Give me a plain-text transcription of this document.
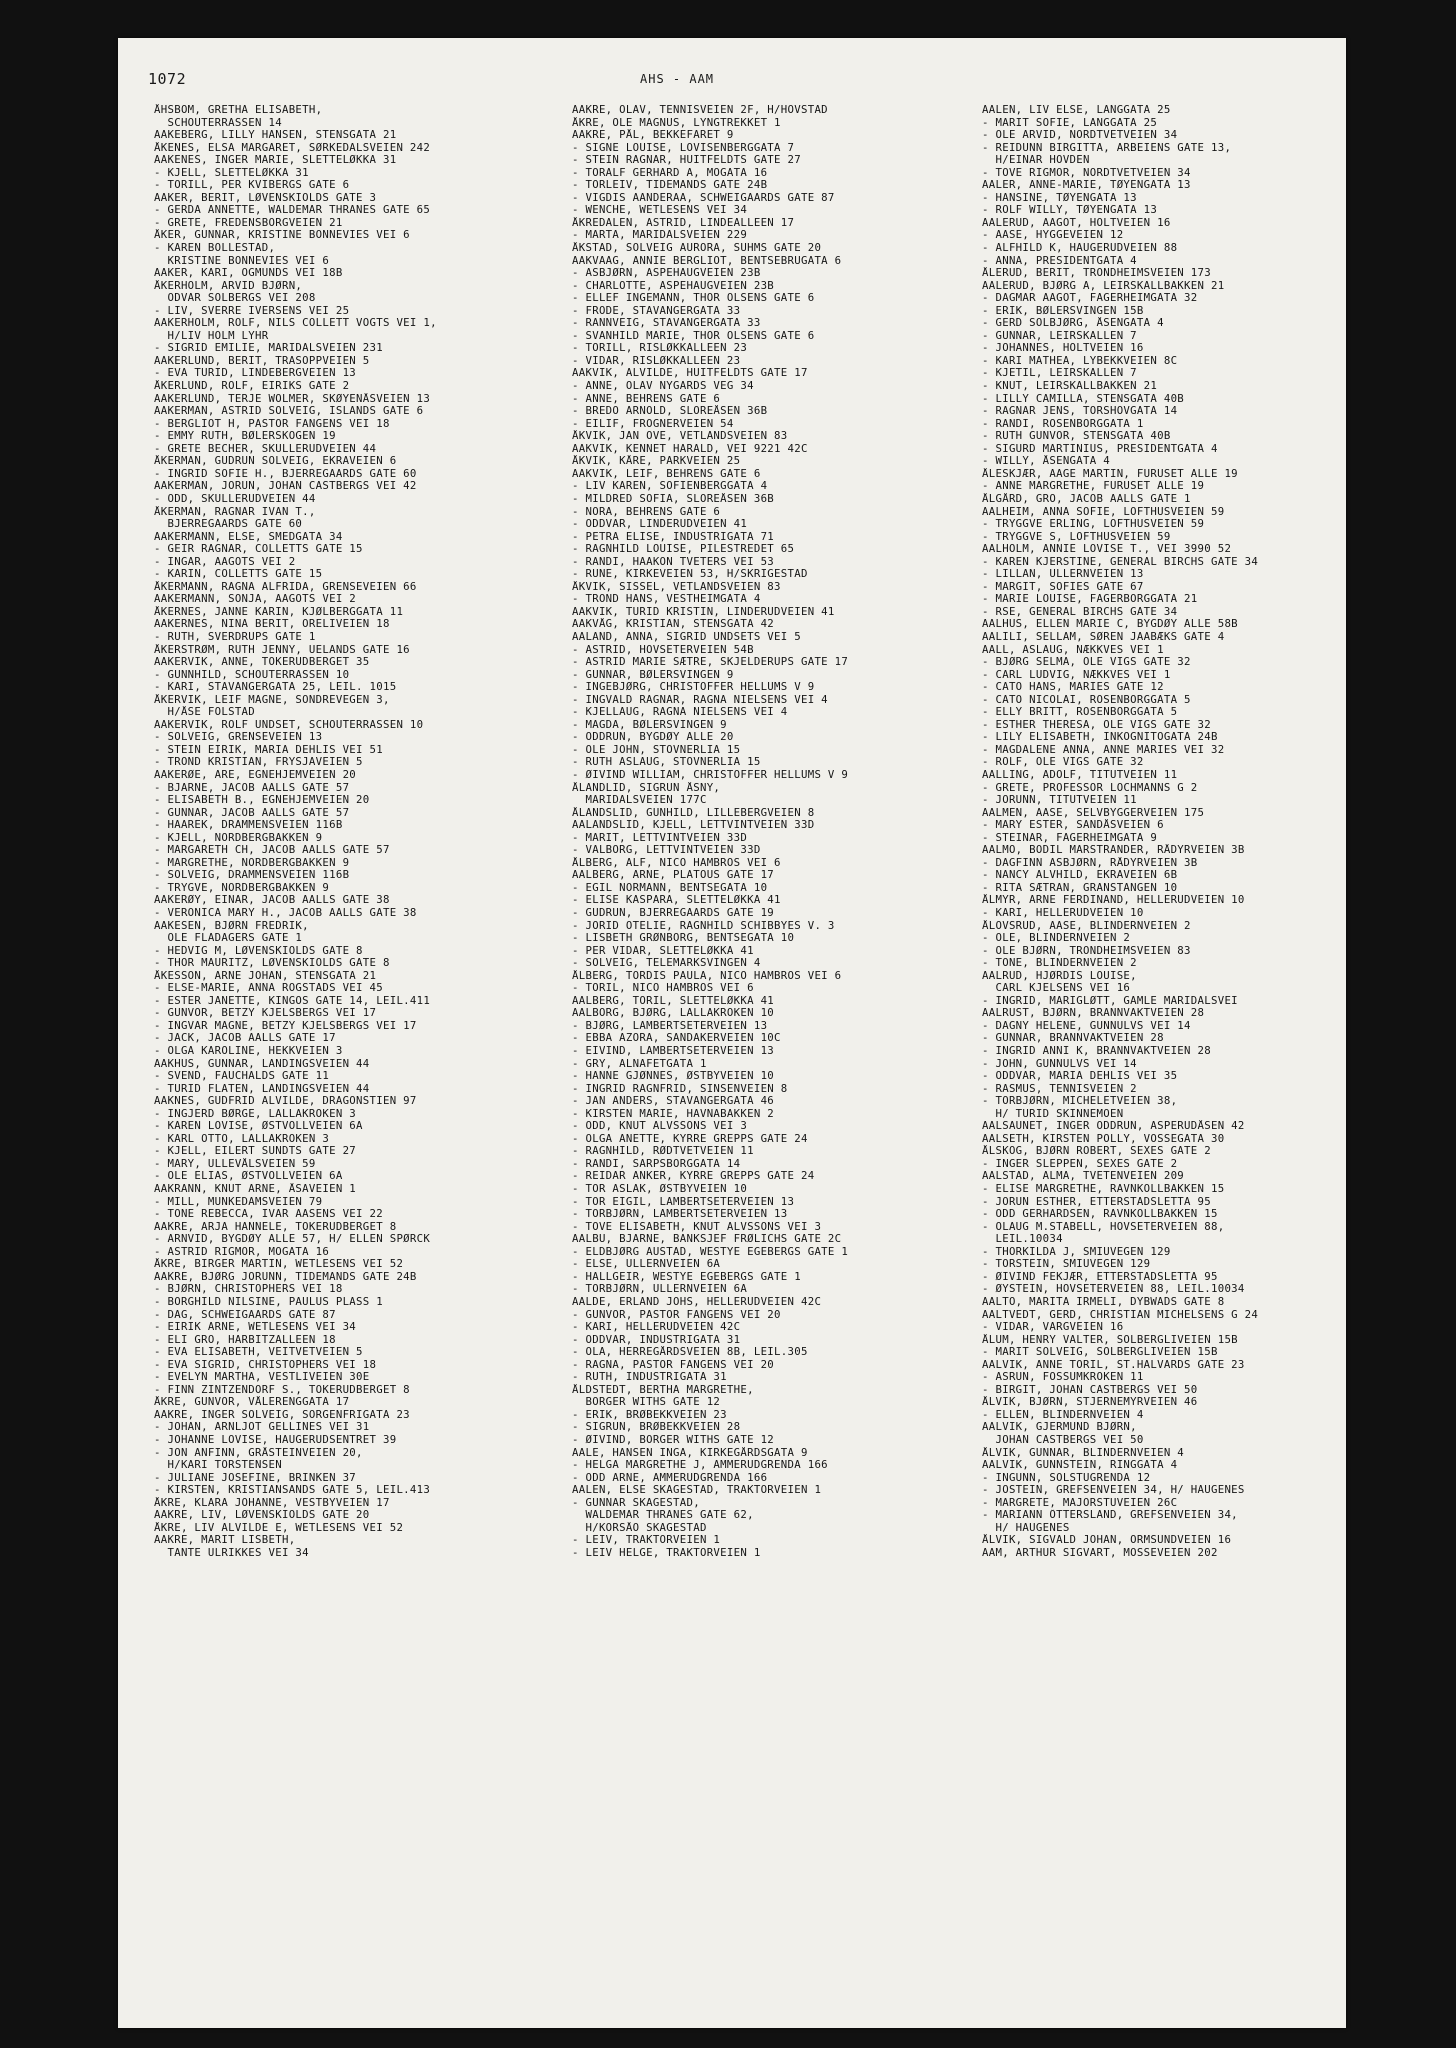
1072	AHS - AAM
ÅHSBOM, GRETHA ELISABETH,
SCHOUTERRASSEN 14
AAKEBERG, LILLY HANSEN, STENSGATA 21
ÅKENES, ELSA MARGARET, SØRKEDALSVEIEN 242
AAKENES, INGER MARIE, SLETTELØKKA 31
- KJELL, SLETTELØKKA 31
- TORILL, PER KVIBERGS GATE 6
AAKER, BERIT, LØVENSKIOLDS GATE 3
- GERDA ANNETTE, WALDEMAR THRANES GATE 65
- GRETE, FREDENSBORGVEIEN 21
ÅKER, GUNNAR, KRISTINE BONNEVIES VEI 6
- KAREN BOLLESTAD,
KRISTINE BONNEVIES VEI 6
AAKER, KARI, OGMUNDS VEI 18B
ÅKERHOLM, ARVID BJØRN,
ODVAR SOLBERGS VEI 208
- LIV, SVERRE IVERSENS VEI 25
AAKERHOLM, ROLF, NILS COLLETT VOGTS VEI 1,
H/LIV HOLM LYHR
- SIGRID EMILIE, MARIDALSVEIEN 231
AAKERLUND, BERIT, TRASOPPVEIEN 5
- EVA TURID, LINDEBERGVEIEN 13
ÅKERLUND, ROLF, EIRIKS GATE 2
AAKERLUND, TERJE WOLMER, SKØYENÅSVEIEN 13
AAKERMAN, ASTRID SOLVEIG, ISLANDS GATE 6
- BERGLIOT H, PASTOR FANGENS VEI 18
- EMMY RUTH, BØLERSKOGEN 19
- GRETE BECHER, SKULLERUDVEIEN 44
ÅKERMAN, GUDRUN SOLVEIG, EKRAVEIEN 6
- INGRID SOFIE H., BJERREGAARDS GATE 60
AAKERMAN, JORUN, JOHAN CASTBERGS VEI 42
- ODD, SKULLERUDVEIEN 44
ÅKERMAN, RAGNAR IVAN T.,
BJERREGAARDS GATE 60
AAKERMANN, ELSE, SMEDGATA 34
- GEIR RAGNAR, COLLETTS GATE 15
- INGAR, AAGOTS VEI 2
- KARIN, COLLETTS GATE 15
ÅKERMANN, RAGNA ALFRIDA, GRENSEVEIEN 66
AAKERMANN, SONJA, AAGOTS VEI 2
ÅKERNES, JANNE KARIN, KJØLBERGGATA 11
AAKERNES, NINA BERIT, ORELIVEIEN 18
- RUTH, SVERDRUPS GATE 1
ÅKERSTRØM, RUTH JENNY, UELANDS GATE 16
AAKERVIK, ANNE, TOKERUDBERGET 35
- GUNNHILD, SCHOUTERRASSEN 10
- KARI, STAVANGERGATA 25, LEIL. 1015
ÅKERVIK, LEIF MAGNE, SONDREVEGEN 3,
H/ÅSE FOLSTAD
AAKERVIK, ROLF UNDSET, SCHOUTERRASSEN 10
- SOLVEIG, GRENSEVEIEN 13
- STEIN EIRIK, MARIA DEHLIS VEI 51
- TROND KRISTIAN, FRYSJAVEIEN 5
AAKERØE, ARE, EGNEHJEMVEIEN 20
- BJARNE, JACOB AALLS GATE 57
- ELISABETH B., EGNEHJEMVEIEN 20
- GUNNAR, JACOB AALLS GATE 57
- HAAREK, DRAMMENSVEIEN 116B
- KJELL, NORDBERGBAKKEN 9
- MARGARETH CH, JACOB AALLS GATE 57
- MARGRETHE, NORDBERGBAKKEN 9
- SOLVEIG, DRAMMENSVEIEN 116B
- TRYGVE, NORDBERGBAKKEN 9
AAKERØY, EINAR, JACOB AALLS GATE 38
- VERONICA MARY H., JACOB AALLS GATE 38
AAKESEN, BJØRN FREDRIK,
OLE FLADAGERS GATE 1
- HEDVIG M, LØVENSKIOLDS GATE 8
- THOR MAURITZ, LØVENSKIOLDS GATE 8
ÅKESSON, ARNE JOHAN, STENSGATA 21
- ELSE-MARIE, ANNA ROGSTADS VEI 45
- ESTER JANETTE, KINGOS GATE 14, LEIL.411
- GUNVOR, BETZY KJELSBERGS VEI 17
- INGVAR MAGNE, BETZY KJELSBERGS VEI 17
- JACK, JACOB AALLS GATE 17
- OLGA KAROLINE, HEKKVEIEN 3
AAKHUS, GUNNAR, LANDINGSVEIEN 44
- SVEND, FAUCHALDS GATE 11
- TURID FLATEN, LANDINGSVEIEN 44
AAKNES, GUDFRID ALVILDE, DRAGONSTIEN 97
- INGJERD BØRGE, LALLAKROKEN 3
- KAREN LOVISE, ØSTVOLLVEIEN 6A
- KARL OTTO, LALLAKROKEN 3
- KJELL, EILERT SUNDTS GATE 27
- MARY, ULLEVÅLSVEIEN 59
- OLE ELIAS, ØSTVOLLVEIEN 6A
AAKRANN, KNUT ARNE, ÅSAVEIEN 1
- MILL, MUNKEDAMSVEIEN 79
- TONE REBECCA, IVAR AASENS VEI 22
AAKRE, ARJA HANNELE, TOKERUDBERGET 8
- ARNVID, BYGDØY ALLE 57, H/ ELLEN SPØRCK
- ASTRID RIGMOR, MOGATA 16
ÅKRE, BIRGER MARTIN, WETLESENS VEI 52
AAKRE, BJØRG JORUNN, TIDEMANDS GATE 24B
- BJØRN, CHRISTOPHERS VEI 18
- BORGHILD NILSINE, PAULUS PLASS 1
- DAG, SCHWEIGAARDS GATE 87
- EIRIK ARNE, WETLESENS VEI 34
- ELI GRO, HARBITZALLEEN 18
- EVA ELISABETH, VEITVETVEIEN 5
- EVA SIGRID, CHRISTOPHERS VEI 18
- EVELYN MARTHA, VESTLIVEIEN 30E
- FINN ZINTZENDORF S., TOKERUDBERGET 8
ÅKRE, GUNVOR, VÅLERENGGATA 17
AAKRE, INGER SOLVEIG, SORGENFRIGATA 23
- JOHAN, ARNLJOT GELLINES VEI 31
- JOHANNE LOVISE, HAUGERUDSENTRET 39
- JON ANFINN, GRÅSTEINVEIEN 20,
H/KARI TORSTENSEN
- JULIANE JOSEFINE, BRINKEN 37
- KIRSTEN, KRISTIANSANDS GATE 5, LEIL.413
ÅKRE, KLARA JOHANNE, VESTBYVEIEN 17
AAKRE, LIV, LØVENSKIOLDS GATE 20
ÅKRE, LIV ALVILDE E, WETLESENS VEI 52
AAKRE, MARIT LISBETH,
TANTE ULRIKKES VEI 34
AAKRE, OLAV, TENNISVEIEN 2F, H/HOVSTAD
ÅKRE, OLE MAGNUS, LYNGTREKKET 1
AAKRE, PÅL, BEKKEFARET 9
- SIGNE LOUISE, LOVISENBERGGATA 7
- STEIN RAGNAR, HUITFELDTS GATE 27
- TORALF GERHARD A, MOGATA 16
- TORLEIV, TIDEMANDS GATE 24B
- VIGDIS AANDERAA, SCHWEIGAARDS GATE 87
- WENCHE, WETLESENS VEI 34
ÅKREDALEN, ASTRID, LINDEALLEEN 17
- MARTA, MARIDALSVEIEN 229
ÅKSTAD, SOLVEIG AURORA, SUHMS GATE 20
AAKVAAG, ANNIE BERGLIOT, BENTSEBRUGATA 6
- ASBJØRN, ASPEHAUGVEIEN 23B
- CHARLOTTE, ASPEHAUGVEIEN 23B
- ELLEF INGEMANN, THOR OLSENS GATE 6
- FRODE, STAVANGERGATA 33
- RANNVEIG, STAVANGERGATA 33
- SVANHILD MARIE, THOR OLSENS GATE 6
- TORILL, RISLØKKALLEEN 23
- VIDAR, RISLØKKALLEEN 23
AAKVIK, ALVILDE, HUITFELDTS GATE 17
- ANNE, OLAV NYGARDS VEG 34
- ANNE, BEHRENS GATE 6
- BREDO ARNOLD, SLOREÅSEN 36B
- EILIF, FROGNERVEIEN 54
ÅKVIK, JAN OVE, VETLANDSVEIEN 83
AAKVIK, KENNET HARALD, VEI 9221 42C
ÅKVIK, KÅRE, PARKVEIEN 25
AAKVIK, LEIF, BEHRENS GATE 6
- LIV KAREN, SOFIENBERGGATA 4
- MILDRED SOFIA, SLOREÅSEN 36B
- NORA, BEHRENS GATE 6
- ODDVAR, LINDERUDVEIEN 41
- PETRA ELISE, INDUSTRIGATA 71
- RAGNHILD LOUISE, PILESTREDET 65
- RANDI, HAAKON TVETERS VEI 53
- RUNE, KIRKEVEIEN 53, H/SKRIGESTAD
ÅKVIK, SISSEL, VETLANDSVEIEN 83
- TROND HANS, VESTHEIMGATA 4
AAKVIK, TURID KRISTIN, LINDERUDVEIEN 41
AAKVÅG, KRISTIAN, STENSGATA 42
AALAND, ANNA, SIGRID UNDSETS VEI 5
- ASTRID, HOVSETERVEIEN 54B
- ASTRID MARIE SÆTRE, SKJELDERUPS GATE 17
- GUNNAR, BØLERSVINGEN 9
- INGEBJØRG, CHRISTOFFER HELLUMS V 9
- INGVALD RAGNAR, RAGNA NIELSENS VEI 4
- KJELLAUG, RAGNA NIELSENS VEI 4
- MAGDA, BØLERSVINGEN 9
- ODDRUN, BYGDØY ALLE 20
- OLE JOHN, STOVNERLIA 15
- RUTH ASLAUG, STOVNERLIA 15
- ØIVIND WILLIAM, CHRISTOFFER HELLUMS V 9
ÅLANDLID, SIGRUN ÅSNY,
MARIDALSVEIEN 177C
ÅLANDSLID, GUNHILD, LILLEBERGVEIEN 8
AALANDSLID, KJELL, LETTVINTVEIEN 33D
- MARIT, LETTVINTVEIEN 33D
- VALBORG, LETTVINTVEIEN 33D
ÅLBERG, ALF, NICO HAMBROS VEI 6
AALBERG, ARNE, PLATOUS GATE 17
- EGIL NORMANN, BENTSEGATA 10
- ELISE KASPARA, SLETTELØKKA 41
- GUDRUN, BJERREGAARDS GATE 19
- JORID OTELIE, RAGNHILD SCHIBBYES V. 3
- LISBETH GRØNBORG, BENTSEGATA 10
- PER VIDAR, SLETTELØKKA 41
- SOLVEIG, TELEMARKSVINGEN 4
ÅLBERG, TORDIS PAULA, NICO HAMBROS VEI 6
- TORIL, NICO HAMBROS VEI 6
AALBERG, TORIL, SLETTELØKKA 41
AALBORG, BJØRG, LALLAKROKEN 10
- BJØRG, LAMBERTSETERVEIEN 13
- EBBA AZORA, SANDAKERVEIEN 10C
- EIVIND, LAMBERTSETERVEIEN 13
- GRY, ALNAFETGATA 1
- HANNE GJØNNES, ØSTBYVEIEN 10
- INGRID RAGNFRID, SINSENVEIEN 8
- JAN ANDERS, STAVANGERGATA 46
- KIRSTEN MARIE, HAVNABAKKEN 2
- ODD, KNUT ALVSSONS VEI 3
- OLGA ANETTE, KYRRE GREPPS GATE 24
- RAGNHILD, RØDTVETVEIEN 11
- RANDI, SARPSBORGGATA 14
- REIDAR ANKER, KYRRE GREPPS GATE 24
- TOR ASLAK, ØSTBYVEIEN 10
- TOR EIGIL, LAMBERTSETERVEIEN 13
- TORBJØRN, LAMBERTSETERVEIEN 13
- TOVE ELISABETH, KNUT ALVSSONS VEI 3
AALBU, BJARNE, BANKSJEF FRØLICHS GATE 2C
- ELDBJØRG AUSTAD, WESTYE EGEBERGS GATE 1
- ELSE, ULLERNVEIEN 6A
- HALLGEIR, WESTYE EGEBERGS GATE 1
- TORBJØRN, ULLERNVEIEN 6A
AALDE, ERLAND JOHS, HELLERUDVEIEN 42C
- GUNVOR, PASTOR FANGENS VEI 20
- KARI, HELLERUDVEIEN 42C
- ODDVAR, INDUSTRIGATA 31
- OLA, HERREGÅRDSVEIEN 8B, LEIL.305
- RAGNA, PASTOR FANGENS VEI 20
- RUTH, INDUSTRIGATA 31
ÅLDSTEDT, BERTHA MARGRETHE,
BORGER WITHS GATE 12
- ERIK, BRØBEKKVEIEN 23
- SIGRUN, BRØBEKKVEIEN 28
- ØIVIND, BORGER WITHS GATE 12
AALE, HANSEN INGA, KIRKEGÅRDSGATA 9
- HELGA MARGRETHE J, AMMERUDGRENDA 166
- ODD ARNE, AMMERUDGRENDA 166
AALEN, ELSE SKAGESTAD, TRAKTORVEIEN 1
- GUNNAR SKAGESTAD,
WALDEMAR THRANES GATE 62,
H/KORSÅO SKAGESTAD
- LEIV, TRAKTORVEIEN 1
- LEIV HELGE, TRAKTORVEIEN 1
AALEN, LIV ELSE, LANGGATA 25
- MARIT SOFIE, LANGGATA 25
- OLE ARVID, NORDTVETVEIEN 34
- REIDUNN BIRGITTA, ARBEIENS GATE 13,
H/EINAR HOVDEN
- TOVE RIGMOR, NORDTVETVEIEN 34
AALER, ANNE-MARIE, TØYENGATA 13
- HANSINE, TØYENGATA 13
- ROLF WILLY, TØYENGATA 13
AALERUD, AAGOT, HOLTVEIEN 16
- AASE, HYGGEVEIEN 12
- ALFHILD K, HAUGERUDVEIEN 88
- ANNA, PRESIDENTGATA 4
ÅLERUD, BERIT, TRONDHEIMSVEIEN 173
AALERUD, BJØRG A, LEIRSKALLBAKKEN 21
- DAGMAR AAGOT, FAGERHEIMGATA 32
- ERIK, BØLERSVINGEN 15B
- GERD SOLBJØRG, ÅSENGATA 4
- GUNNAR, LEIRSKALLEN 7
- JOHANNES, HOLTVEIEN 16
- KARI MATHEA, LYBEKKVEIEN 8C
- KJETIL, LEIRSKALLEN 7
- KNUT, LEIRSKALLBAKKEN 21
- LILLY CAMILLA, STENSGATA 40B
- RAGNAR JENS, TORSHOVGATA 14
- RANDI, ROSENBORGGATA 1
- RUTH GUNVOR, STENSGATA 40B
- SIGURD MARTINIUS, PRESIDENTGATA 4
- WILLY, ÅSENGATA 4
ÅLESKJÆR, AAGE MARTIN, FURUSET ALLE 19
- ANNE MARGRETHE, FURUSET ALLE 19
ÅLGÅRD, GRO, JACOB AALLS GATE 1
AALHEIM, ANNA SOFIE, LOFTHUSVEIEN 59
- TRYGGVE ERLING, LOFTHUSVEIEN 59
- TRYGGVE S, LOFTHUSVEIEN 59
AALHOLM, ANNIE LOVISE T., VEI 3990 52
- KAREN KJERSTINE, GENERAL BIRCHS GATE 34
- LILLAN, ULLERNVEIEN 13
- MARGIT, SOFIES GATE 67
- MARIE LOUISE, FAGERBORGGATA 21
- RSE, GENERAL BIRCHS GATE 34
AALHUS, ELLEN MARIE C, BYGDØY ALLE 58B
AALILI, SELLAM, SØREN JAABÆKS GATE 4
AALL, ASLAUG, NÆKKVES VEI 1
- BJØRG SELMA, OLE VIGS GATE 32
- CARL LUDVIG, NÆKKVES VEI 1
- CATO HANS, MARIES GATE 12
- CATO NICOLAI, ROSENBORGGATA 5
- ELLY BRITT, ROSENBORGGATA 5
- ESTHER THERESA, OLE VIGS GATE 32
- LILY ELISABETH, INKOGNITOGATA 24B
- MAGDALENE ANNA, ANNE MARIES VEI 32
- ROLF, OLE VIGS GATE 32
AALLING, ADOLF, TITUTVEIEN 11
- GRETE, PROFESSOR LOCHMANNS G 2
- JORUNN, TITUTVEIEN 11
AALMEN, AASE, SELVBYGGERVEIEN 175
- MARY ESTER, SANDÅSVEIEN 6
- STEINAR, FAGERHEIMGATA 9
AALMO, BODIL MARSTRANDER, RÅDYRVEIEN 3B
- DAGFINN ASBJØRN, RÅDYRVEIEN 3B
- NANCY ALVHILD, EKRAVEIEN 6B
- RITA SÆTRAN, GRANSTANGEN 10
ÅLMYR, ARNE FERDINAND, HELLERUDVEIEN 10
- KARI, HELLERUDVEIEN 10
ÅLOVSRUD, AASE, BLINDERNVEIEN 2
- OLE, BLINDERNVEIEN 2
- OLE BJØRN, TRONDHEIMSVEIEN 83
- TONE, BLINDERNVEIEN 2
AALRUD, HJØRDIS LOUISE,
CARL KJELSENS VEI 16
- INGRID, MARIGLØTT, GAMLE MARIDALSVEI
AALRUST, BJØRN, BRANNVAKTVEIEN 28
- DAGNY HELENE, GUNNULVS VEI 14
- GUNNAR, BRANNVAKTVEIEN 28
- INGRID ANNI K, BRANNVAKTVEIEN 28
- JOHN, GUNNULVS VEI 14
- ODDVAR, MARIA DEHLIS VEI 35
- RASMUS, TENNISVEIEN 2
- TORBJØRN, MICHELETVEIEN 38,
H/ TURID SKINNEMOEN
AALSAUNET, INGER ODDRUN, ASPERUDÅSEN 42
AALSETH, KIRSTEN POLLY, VOSSEGATA 30
ÅLSKOG, BJØRN ROBERT, SEXES GATE 2
- INGER SLEPPEN, SEXES GATE 2
AALSTAD, ALMA, TVETENVEIEN 209
- ELISE MARGRETHE, RAVNKOLLBAKKEN 15
- JORUN ESTHER, ETTERSTADSLETTA 95
- ODD GERHARDSEN, RAVNKOLLBAKKEN 15
- OLAUG M.STABELL, HOVSETERVEIEN 88,
LEIL.10034
- THORKILDA J, SMIUVEGEN 129
- TORSTEIN, SMIUVEGEN 129
- ØIVIND FEKJÆR, ETTERSTADSLETTA 95
- ØYSTEIN, HOVSETERVEIEN 88, LEIL.10034
AALTO, MARITA IRMELI, DYBWADS GATE 8
AALTVEDT, GERD, CHRISTIAN MICHELSENS G 24
- VIDAR, VARGVEIEN 16
ÅLUM, HENRY VALTER, SOLBERGLIVEIEN 15B
- MARIT SOLVEIG, SOLBERGLIVEIEN 15B
AALVIK, ANNE TORIL, ST.HALVARDS GATE 23
- ASRUN, FOSSUMKROKEN 11
- BIRGIT, JOHAN CASTBERGS VEI 50
ÅLVIK, BJØRN, STJERNEMYRVEIEN 46
- ELLEN, BLINDERNVEIEN 4
AALVIK, GJERMUND BJØRN,
JOHAN CASTBERGS VEI 50
ÅLVIK, GUNNAR, BLINDERNVEIEN 4
AALVIK, GUNNSTEIN, RINGGATA 4
- INGUNN, SOLSTUGRENDA 12
- JOSTEIN, GREFSENVEIEN 34, H/ HAUGENES
- MARGRETE, MAJORSTUVEIEN 26C
- MARIANN ÖTTERSLAND, GREFSENVEIEN 34,
H/ HAUGENES
ÅLVIK, SIGVALD JOHAN, ORMSUNDVEIEN 16
AAM, ARTHUR SIGVART, MOSSEVEIEN 202
